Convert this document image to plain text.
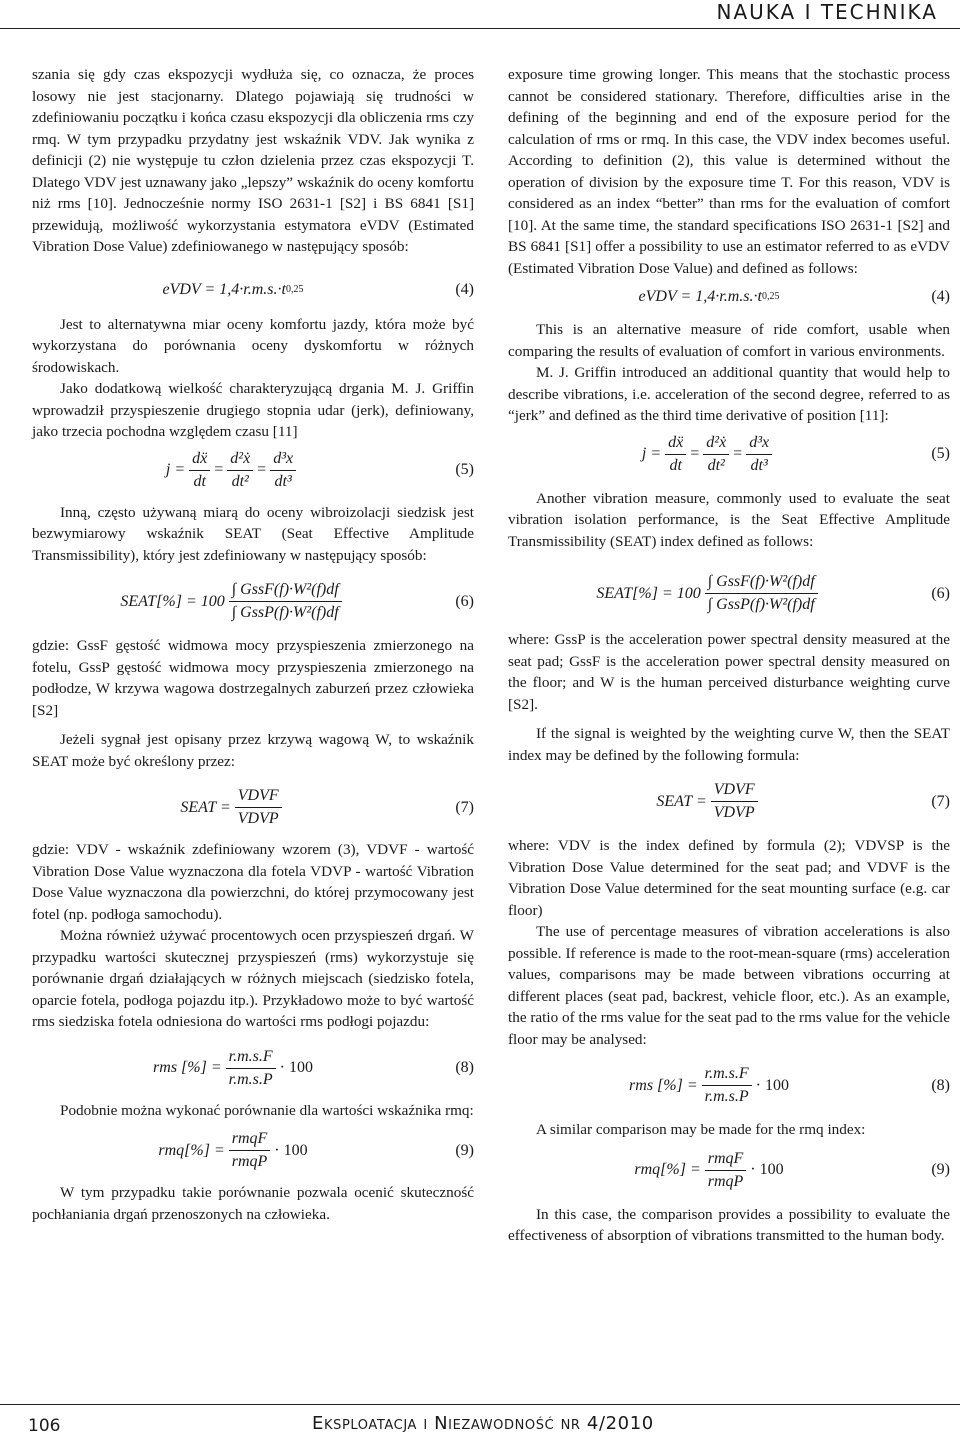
NAUKA I TECHNIKA

szania się gdy czas ekspozycji wydłuża się, co oznacza, że proces losowy nie jest stacjonarny. Dlatego pojawiają się trudności w zdefiniowaniu początku i końca czasu ekspozycji dla obliczenia rms czy rmq. W tym przypadku przydatny jest wskaźnik VDV. Jak wynika z definicji (2) nie występuje tu człon dzielenia przez czas ekspozycji T. Dlatego VDV jest uznawany jako „lepszy” wskaźnik do oceny komfortu niż rms [10]. Jednocześnie normy ISO 2631-1 [S2] i BS 6841 [S1] przewidują, możliwość wykorzystania estymatora eVDV (Estimated Vibration Dose Value) zdefiniowanego w następujący sposób:

eVDV = 1,4·r.m.s.·t 0,25	(4)

Jest to alternatywna miar oceny komfortu jazdy, która może być wykorzystana do porównania oceny dyskomfortu w różnych środowiskach.

Jako dodatkową wielkość charakteryzującą drgania M. J. Griffin wprowadził przyspieszenie drugiego stopnia udar (jerk), definiowany, jako trzecia pochodna względem czasu [11]

$j = \frac{\text{dẍ}}{dt} = \frac{\text{d²ẋ}}{\text{dt²}} = \frac{\text{d³x}}{\text{dt³}}$	(5)

Inną, często używaną miarą do oceny wibroizolacji siedzisk jest bezwymiarowy wskaźnik SEAT (Seat Effective Amplitude Transmissibility), który jest zdefiniowany w następujący sposób:

SEAT[%] = $100 \frac{\text{∫ GssF(f)·W²(f)df}}{\text{∫ GssP(f)·W²(f)df}}$	(6)

gdzie: GssF gęstość widmowa mocy przyspieszenia zmierzonego na fotelu, GssP gęstość widmowa mocy przyspieszenia zmierzonego na podłodze, W krzywa wagowa dostrzegalnych zaburzeń przez człowieka [S2]

Jeżeli sygnał jest opisany przez krzywą wagową W, to wskaźnik SEAT może być określony przez:

SEAT = $\frac{\text{VDVF}}{\text{VDVP}}$	(7)

gdzie: VDV - wskaźnik zdefiniowany wzorem (3), VDVF - wartość Vibration Dose Value wyznaczona dla fotela VDVP - wartość Vibration Dose Value wyznaczona dla powierzchni, do której przymocowany jest fotel (np. podłoga samochodu).

Można również używać procentowych ocen przyspieszeń drgań. W przypadku wartości skutecznej przyspieszeń (rms) wykorzystuje się porównanie drgań działających w różnych miejscach (siedzisko fotela, oparcie fotela, podłoga pojazdu itp.). Przykładowo może to być wartość rms siedziska fotela odniesiona do wartości rms podłogi pojazdu:

rms [%] = $\frac{r.m.s.F}{r.m.s.P} \cdot 100$	(8)

Podobnie można wykonać porównanie dla wartości wskaźnika rmq:

$rmq[\%] = \frac{\text{rmqF}}{\text{rmqP}} \cdot 100$	(9)

W tym przypadku takie porównanie pozwala ocenić skuteczność pochłaniania drgań przenoszonych na człowieka.

exposure time growing longer. This means that the stochastic process cannot be considered stationary. Therefore, difficulties arise in the defining of the beginning and end of the exposure period for the calculation of rms or rmq. In this case, the VDV index becomes useful. According to definition (2), this value is determined without the operation of division by the exposure time T. For this reason, VDV is considered as an index “better” than rms for the evaluation of comfort [10]. At the same time, the standard specifications ISO 2631-1 [S2] and BS 6841 [S1] offer a possibility to use an estimator referred to as eVDV (Estimated Vibration Dose Value) and defined as follows:

eVDV = 1,4·r.m.s.·t 0,25	(4)

This is an alternative measure of ride comfort, usable when comparing the results of evaluation of comfort in various environments.

M. J. Griffin introduced an additional quantity that would help to describe vibrations, i.e. acceleration of the second degree, referred to as “jerk” and defined as the third time derivative of position [11]:

$j = \frac{\text{dẍ}}{dt} = \frac{\text{d²ẋ}}{\text{dt²}} = \frac{\text{d³x}}{\text{dt³}}$	(5)

Another vibration measure, commonly used to evaluate the seat vibration isolation performance, is the Seat Effective Amplitude Transmissibility (SEAT) index defined as follows:

SEAT[%] = $100 \frac{\text{∫ GssF(f)·W²(f)df}}{\text{∫ GssP(f)·W²(f)df}}$	(6)

where: GssP is the acceleration power spectral density measured at the seat pad; GssF is the acceleration power spectral density measured on the floor; and W is the human perceived disturbance weighting curve [S2].

If the signal is weighted by the weighting curve W, then the SEAT index may be defined by the following formula:

SEAT = $\frac{\text{VDVF}}{\text{VDVP}}$	(7)

where: VDV is the index defined by formula (2); VDVSP is the Vibration Dose Value determined for the seat pad; and VDVF is the Vibration Dose Value determined for the seat mounting surface (e.g. car floor)

The use of percentage measures of vibration accelerations is also possible. If reference is made to the root-mean-square (rms) acceleration values, comparisons may be made between vibrations occurring at different places (seat pad, backrest, vehicle floor, etc.). As an example, the ratio of the rms value for the seat pad to the rms value for the vehicle floor may be analysed:

rms [%] = $\frac{r.m.s.F}{r.m.s.P} \cdot 100$	(8)

A similar comparison may be made for the rmq index:

$rmq[\%] = \frac{\text{rmqF}}{\text{rmqP}} \cdot 100$	(9)

In this case, the comparison provides a possibility to evaluate the effectiveness of absorption of vibrations transmitted to the human body.

106	Eksploatacja i Niezawodność nr 4/2010
